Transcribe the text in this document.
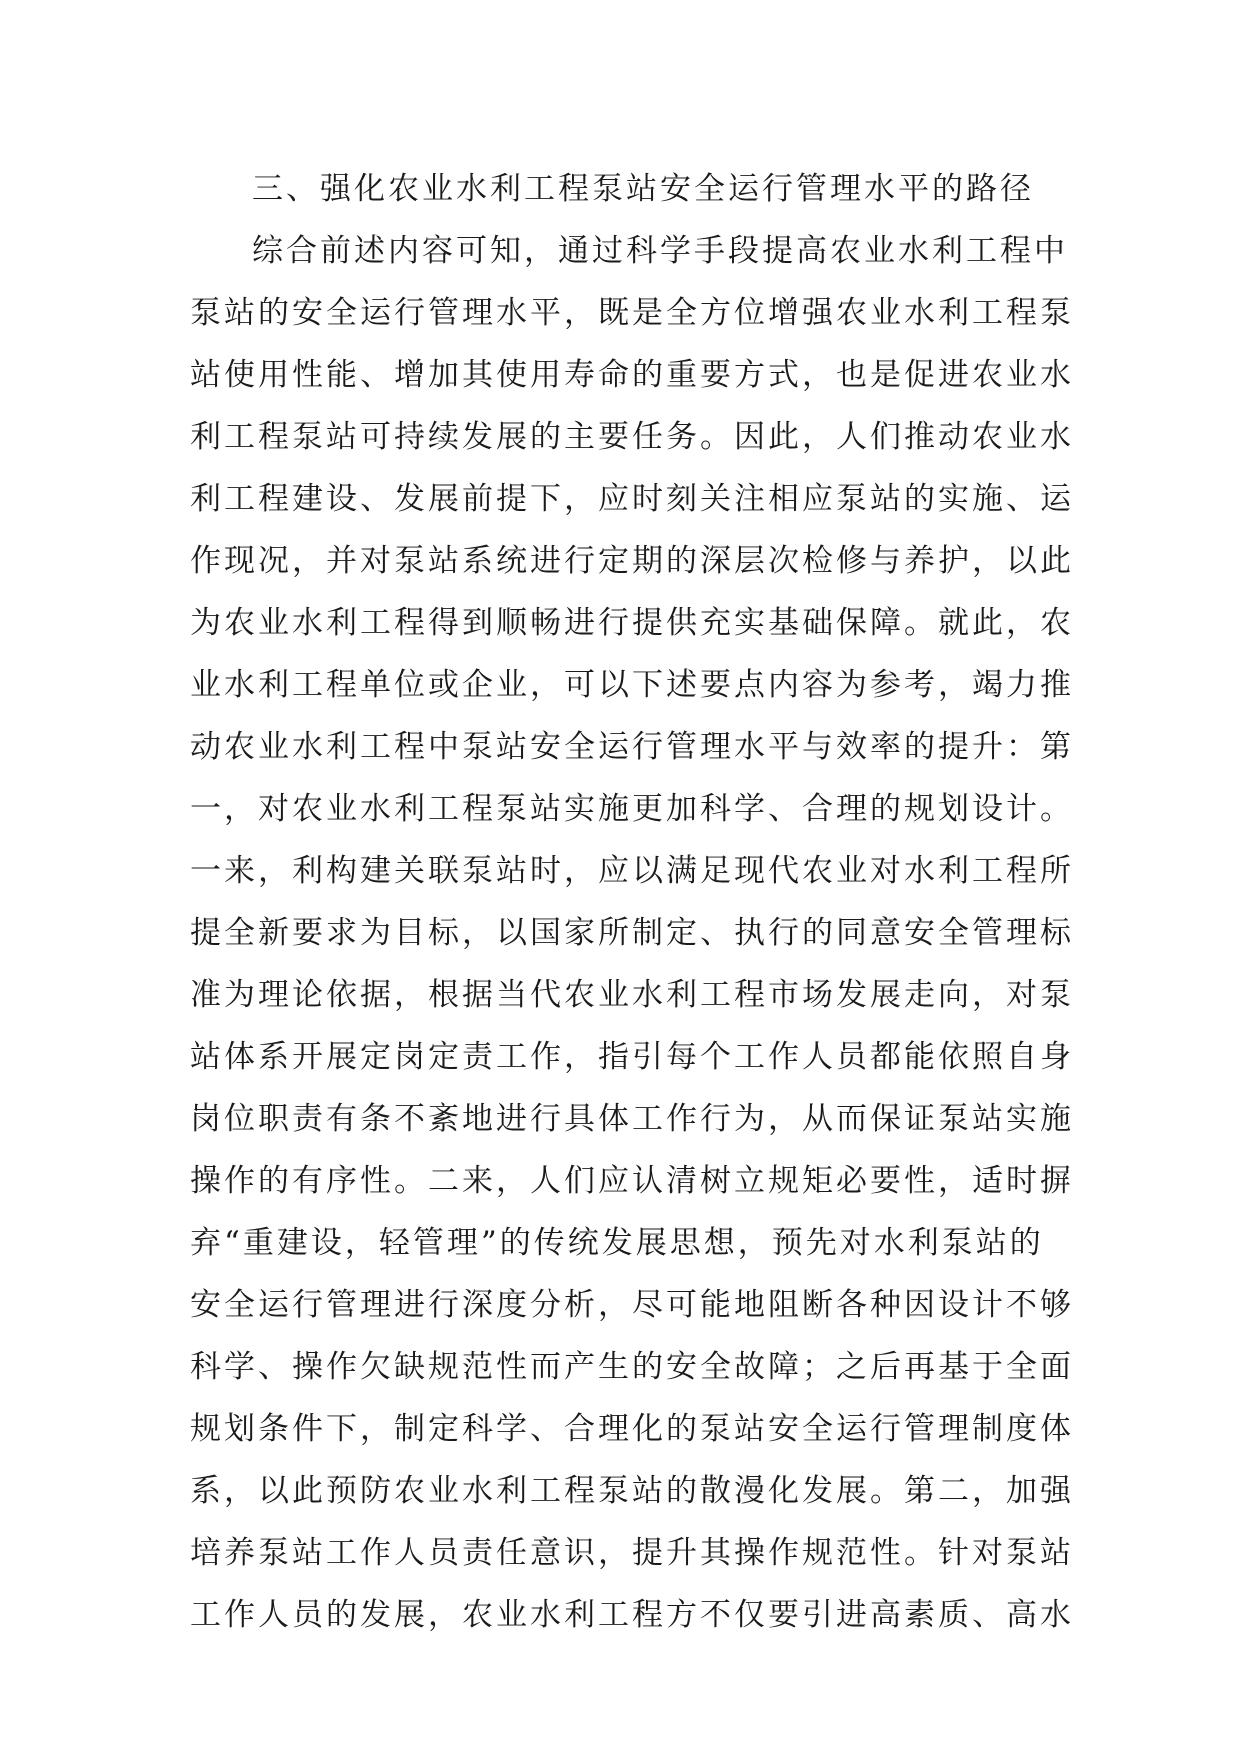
三、强化农业水利工程泵站安全运行管理水平的路径
综合前述内容可知，通过科学手段提高农业水利工程中
泵站的安全运行管理水平，既是全方位增强农业水利工程泵
站使用性能、增加其使用寿命的重要方式，也是促进农业水
利工程泵站可持续发展的主要任务。因此，人们推动农业水
利工程建设、发展前提下，应时刻关注相应泵站的实施、运
作现况，并对泵站系统进行定期的深层次检修与养护，以此
为农业水利工程得到顺畅进行提供充实基础保障。就此，农
业水利工程单位或企业，可以下述要点内容为参考，竭力推
动农业水利工程中泵站安全运行管理水平与效率的提升：第
一，对农业水利工程泵站实施更加科学、合理的规划设计。
一来，利构建关联泵站时，应以满足现代农业对水利工程所
提全新要求为目标，以国家所制定、执行的同意安全管理标
准为理论依据，根据当代农业水利工程市场发展走向，对泵
站体系开展定岗定责工作，指引每个工作人员都能依照自身
岗位职责有条不紊地进行具体工作行为，从而保证泵站实施
操作的有序性。二来，人们应认清树立规矩必要性，适时摒
弃“重建设，轻管理”的传统发展思想，预先对水利泵站的
安全运行管理进行深度分析，尽可能地阻断各种因设计不够
科学、操作欠缺规范性而产生的安全故障；之后再基于全面
规划条件下，制定科学、合理化的泵站安全运行管理制度体
系，以此预防农业水利工程泵站的散漫化发展。第二，加强
培养泵站工作人员责任意识，提升其操作规范性。针对泵站
工作人员的发展，农业水利工程方不仅要引进高素质、高水
